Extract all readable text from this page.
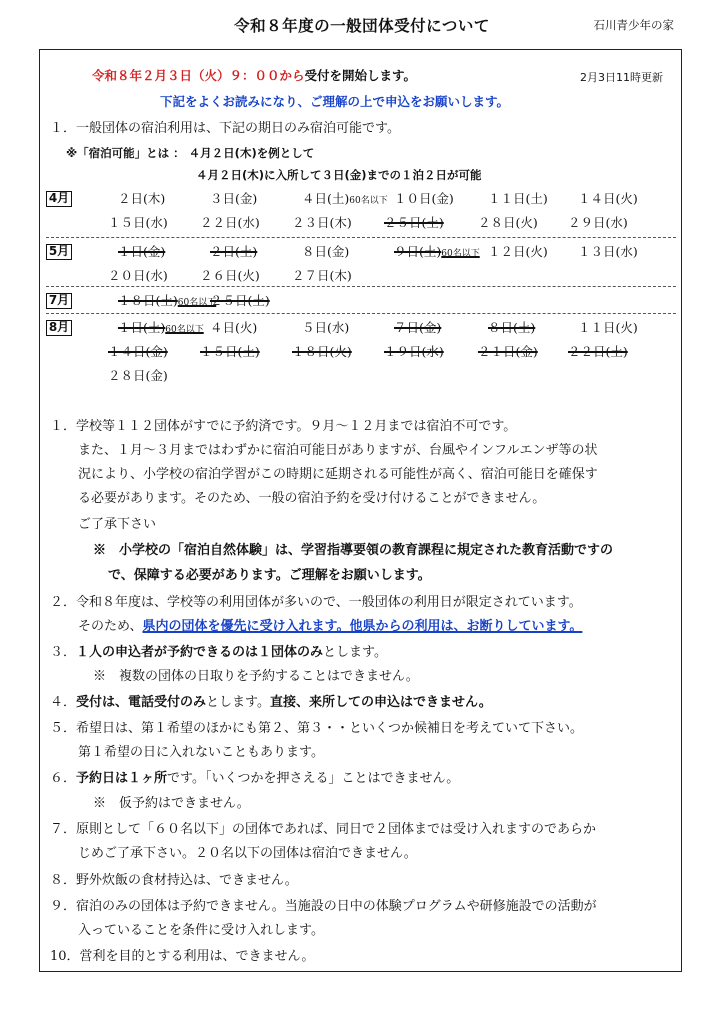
令和８年度の一般団体受付について	石川青少年の家
令和８年２月３日（火）９：００から受付を開始します。	2月3日11時更新
下記をよくお読みになり、ご理解の上で申込をお願いします。
１．一般団体の宿泊利用は、下記の期日のみ宿泊可能です。
※「宿泊可能」とは ： ４月２日(木)を例として
４月２日(木)に入所して３日(金)までの１泊２日が可能
4月	２日(木)	３日(金)	４日(土)60名以下 １０日(金)	１１日(土) １４日(火)
１５日(水)	２２日(水)	２３日(木)	２５日(土)	２８日(火) ２９日(水)
5月	１日(金)	２日(土)	８日(金)	９日(土)60名以下 １２日(火) １３日(水)
２０日(水)	２６日(火)	２７日(木)
7月	１８日(土)60名以下
２５日(土)
8月	１日(土)60名以下 ４日(火)	５日(水)	７日(金)	８日(土)	１１日(火)
１４日(金)	１５日(土)	１８日(火)	１９日(水)	２１日(金) ２２日(土)
２８日(金)
１．学校等１１２団体がすでに予約済です。９月～１２月までは宿泊不可です。
また、１月～３月まではわずかに宿泊可能日がありますが、台風やインフルエンザ等の状
況により、小学校の宿泊学習がこの時期に延期される可能性が高く、宿泊可能日を確保す
る必要があります。そのため、一般の宿泊予約を受け付けることができません。
ご了承下さい
※　小学校の「宿泊自然体験」は、学習指導要領の教育課程に規定された教育活動ですの
で、保障する必要があります。ご理解をお願いします。
２．令和８年度は、学校等の利用団体が多いので、一般団体の利用日が限定されています。
そのため、県内の団体を優先に受け入れます。他県からの利用は、お断りしています。
３．１人の申込者が予約できるのは１団体のみとします。
※　複数の団体の日取りを予約することはできません。
４．受付は、電話受付のみとします。直接、来所しての申込はできません。
５．希望日は、第１希望のほかにも第２、第３・・といくつか候補日を考えていて下さい。
第１希望の日に入れないこともあります。
６．予約日は１ヶ所です。「いくつかを押さえる」ことはできません。
※　仮予約はできません。
７．原則として「６０名以下」の団体であれば、同日で２団体までは受け入れますのであらか
じめご了承下さい。２０名以下の団体は宿泊できません。
８．野外炊飯の食材持込は、できません。
９．宿泊のみの団体は予約できません。当施設の日中の体験プログラムや研修施設での活動が
入っていることを条件に受け入れします。
10．営利を目的とする利用は、できません。
